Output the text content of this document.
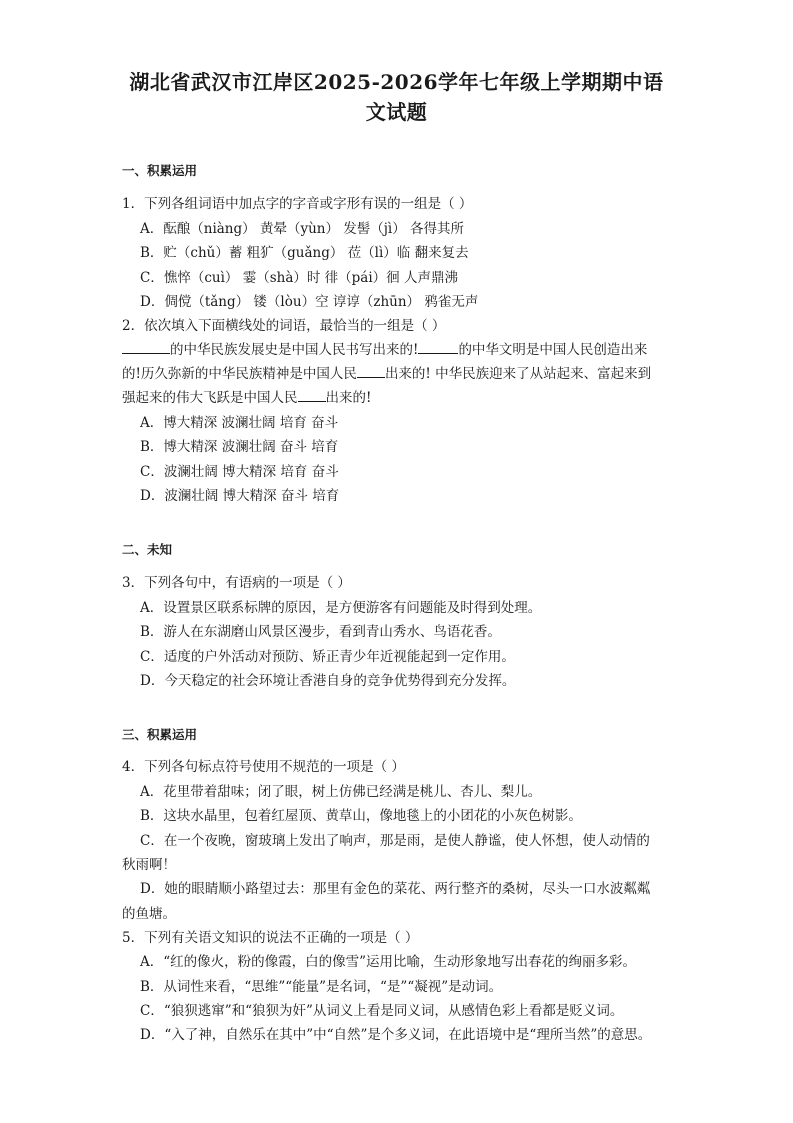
湖北省武汉市江岸区2025-2026学年七年级上学期期中语
文试题
一、积累运用
1．下列各组词语中加点字的字音或字形有误的一组是（ ）
A．酝酿（niàng） 黄晕（yùn） 发髻（jì） 各得其所
B．贮（chǔ）蓄 粗犷（guǎng） 莅（lì）临 翻来复去
C．憔悴（cuì） 霎（shà）时 徘（pái）徊 人声鼎沸
D．倜傥（tǎng） 镂（lòu）空 谆谆（zhūn） 鸦雀无声
2．依次填入下面横线处的词语，最恰当的一组是（ ）
的中华民族发展史是中国人民书写出来的!	的中华文明是中国人民创造出来
的!历久弥新的中华民族精神是中国人民 出来的! 中华民族迎来了从站起来、富起来到
强起来的伟大飞跃是中国人民 出来的!
A．博大精深 波澜壮阔 培育 奋斗
B．博大精深 波澜壮阔 奋斗 培育
C．波澜壮阔 博大精深 培育 奋斗
D．波澜壮阔 博大精深 奋斗 培育
二、未知
3．下列各句中，有语病的一项是（ ）
A．设置景区联系标牌的原因，是方便游客有问题能及时得到处理。
B．游人在东湖磨山风景区漫步，看到青山秀水、鸟语花香。
C．适度的户外活动对预防、矫正青少年近视能起到一定作用。
D．今天稳定的社会环境让香港自身的竞争优势得到充分发挥。
三、积累运用
4．下列各句标点符号使用不规范的一项是（ ）
A．花里带着甜味；闭了眼，树上仿佛已经满是桃儿、杏儿、梨儿。
B．这块水晶里，包着红屋顶、黄草山，像地毯上的小团花的小灰色树影。
C．在一个夜晚，窗玻璃上发出了响声，那是雨，是使人静谧，使人怀想，使人动情的
秋雨啊！
D．她的眼睛顺小路望过去：那里有金色的菜花、两行整齐的桑树，尽头一口水波粼粼
的鱼塘。
5．下列有关语文知识的说法不正确的一项是（ ）
A．“红的像火，粉的像霞，白的像雪”运用比喻，生动形象地写出春花的绚丽多彩。
B．从词性来看，“思维”“能量”是名词，“是”“凝视”是动词。
C．“狼狈逃窜”和“狼狈为奸”从词义上看是同义词，从感情色彩上看都是贬义词。
D．“入了神，自然乐在其中”中“自然”是个多义词，在此语境中是“理所当然”的意思。
